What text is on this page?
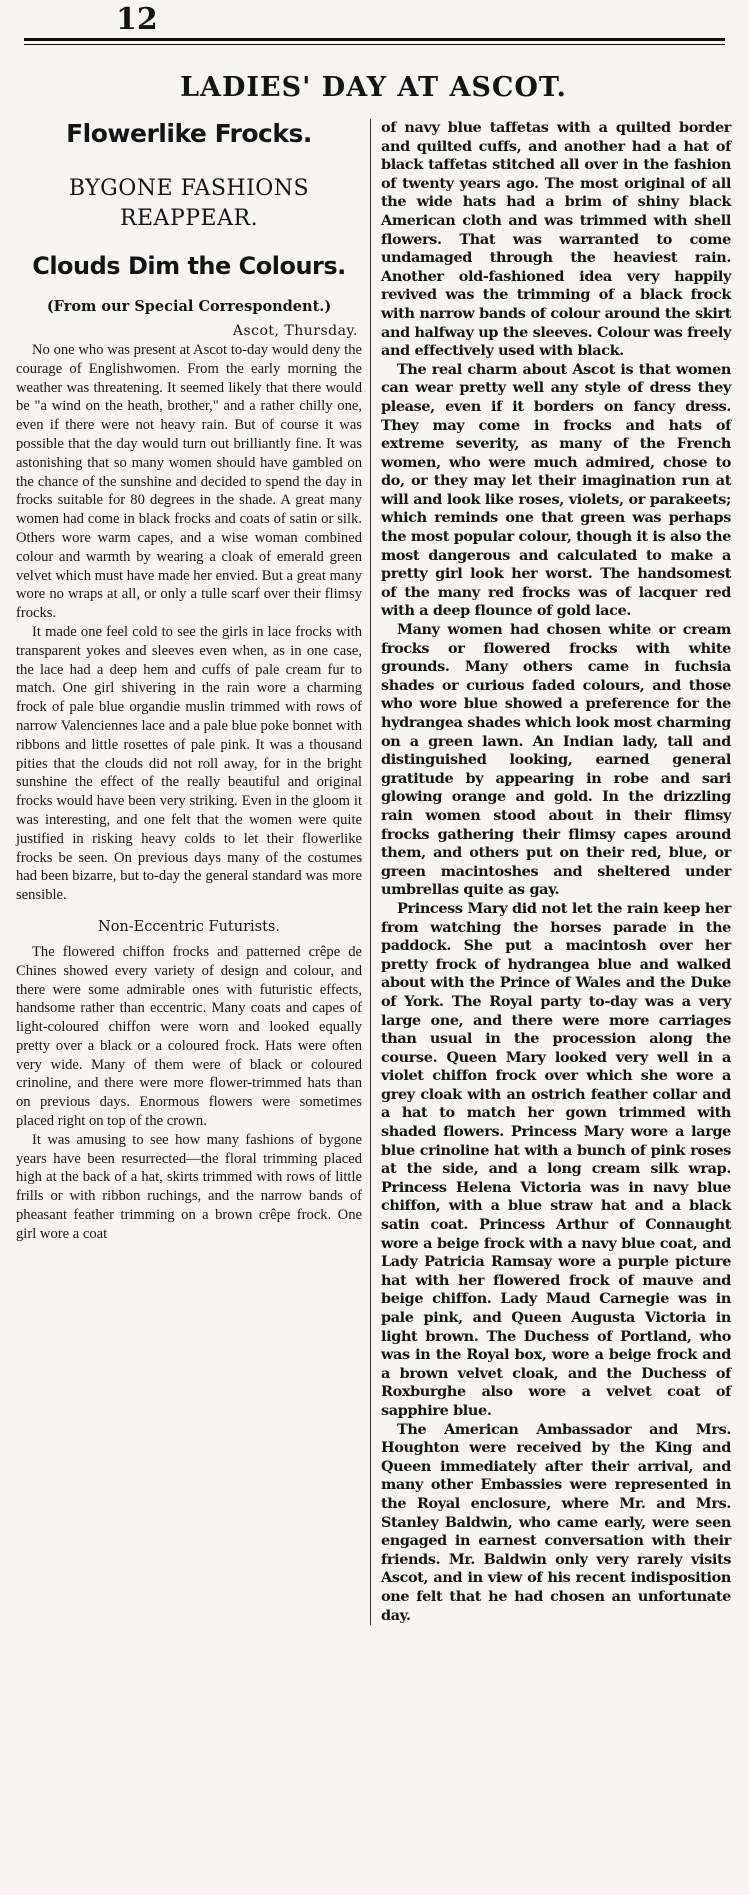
12
LADIES' DAY AT ASCOT.
Flowerlike Frocks.
BYGONE FASHIONS REAPPEAR.
Clouds Dim the Colours.
(From our Special Correspondent.)
Ascot, Thursday.

No one who was present at Ascot to-day would deny the courage of Englishwomen. From the early morning the weather was threatening. It seemed likely that there would be "a wind on the heath, brother," and a rather chilly one, even if there were not heavy rain. But of course it was possible that the day would turn out brilliantly fine. It was astonishing that so many women should have gambled on the chance of the sunshine and decided to spend the day in frocks suitable for 80 degrees in the shade. A great many women had come in black frocks and coats of satin or silk. Others wore warm capes, and a wise woman combined colour and warmth by wearing a cloak of emerald green velvet which must have made her envied. But a great many wore no wraps at all, or only a tulle scarf over their flimsy frocks.

It made one feel cold to see the girls in lace frocks with transparent yokes and sleeves even when, as in one case, the lace had a deep hem and cuffs of pale cream fur to match. One girl shivering in the rain wore a charming frock of pale blue organdie muslin trimmed with rows of narrow Valenciennes lace and a pale blue poke bonnet with ribbons and little rosettes of pale pink. It was a thousand pities that the clouds did not roll away, for in the bright sunshine the effect of the really beautiful and original frocks would have been very striking. Even in the gloom it was interesting, and one felt that the women were quite justified in risking heavy colds to let their flowerlike frocks be seen. On previous days many of the costumes had been bizarre, but to-day the general standard was more sensible.

Non-Eccentric Futurists.

The flowered chiffon frocks and patterned crêpe de Chines showed every variety of design and colour, and there were some admirable ones with futuristic effects, handsome rather than eccentric. Many coats and capes of light-coloured chiffon were worn and looked equally pretty over a black or a coloured frock. Hats were often very wide. Many of them were of black or coloured crinoline, and there were more flower-trimmed hats than on previous days. Enormous flowers were sometimes placed right on top of the crown.

It was amusing to see how many fashions of bygone years have been resurrected—the floral trimming placed high at the back of a hat, skirts trimmed with rows of little frills or with ribbon ruchings, and the narrow bands of pheasant feather trimming on a brown crêpe frock. One girl wore a coat

of navy blue taffetas with a quilted border and quilted cuffs, and another had a hat of black taffetas stitched all over in the fashion of twenty years ago. The most original of all the wide hats had a brim of shiny black American cloth and was trimmed with shell flowers. That was warranted to come undamaged through the heaviest rain. Another old-fashioned idea very happily revived was the trimming of a black frock with narrow bands of colour around the skirt and halfway up the sleeves. Colour was freely and effectively used with black.

The real charm about Ascot is that women can wear pretty well any style of dress they please, even if it borders on fancy dress. They may come in frocks and hats of extreme severity, as many of the French women, who were much admired, chose to do, or they may let their imagination run at will and look like roses, violets, or parakeets; which reminds one that green was perhaps the most popular colour, though it is also the most dangerous and calculated to make a pretty girl look her worst. The handsomest of the many red frocks was of lacquer red with a deep flounce of gold lace.

Many women had chosen white or cream frocks or flowered frocks with white grounds. Many others came in fuchsia shades or curious faded colours, and those who wore blue showed a preference for the hydrangea shades which look most charming on a green lawn. An Indian lady, tall and distinguished looking, earned general gratitude by appearing in robe and sari glowing orange and gold. In the drizzling rain women stood about in their flimsy frocks gathering their flimsy capes around them, and others put on their red, blue, or green macintoshes and sheltered under umbrellas quite as gay.

Princess Mary did not let the rain keep her from watching the horses parade in the paddock. She put a macintosh over her pretty frock of hydrangea blue and walked about with the Prince of Wales and the Duke of York. The Royal party to-day was a very large one, and there were more carriages than usual in the procession along the course. Queen Mary looked very well in a violet chiffon frock over which she wore a grey cloak with an ostrich feather collar and a hat to match her gown trimmed with shaded flowers. Princess Mary wore a large blue crinoline hat with a bunch of pink roses at the side, and a long cream silk wrap. Princess Helena Victoria was in navy blue chiffon, with a blue straw hat and a black satin coat. Princess Arthur of Connaught wore a beige frock with a navy blue coat, and Lady Patricia Ramsay wore a purple picture hat with her flowered frock of mauve and beige chiffon. Lady Maud Carnegie was in pale pink, and Queen Augusta Victoria in light brown. The Duchess of Portland, who was in the Royal box, wore a beige frock and a brown velvet cloak, and the Duchess of Roxburghe also wore a velvet coat of sapphire blue.

The American Ambassador and Mrs. Houghton were received by the King and Queen immediately after their arrival, and many other Embassies were represented in the Royal enclosure, where Mr. and Mrs. Stanley Baldwin, who came early, were seen engaged in earnest conversation with their friends. Mr. Baldwin only very rarely visits Ascot, and in view of his recent indisposition one felt that he had chosen an unfortunate day.
